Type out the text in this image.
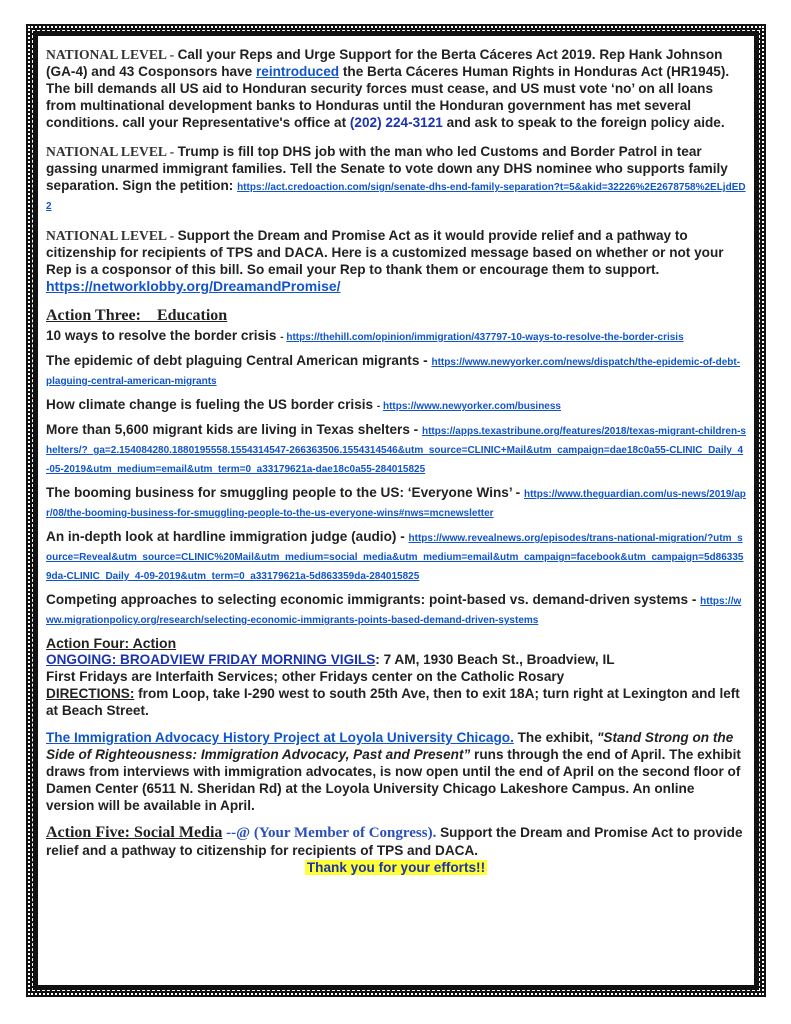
NATIONAL LEVEL - Call your Reps and Urge Support for the Berta Cáceres Act 2019. Rep Hank Johnson (GA-4) and 43 Cosponsors have reintroduced the Berta Cáceres Human Rights in Honduras Act (HR1945). The bill demands all US aid to Honduran security forces must cease, and US must vote ‘no’ on all loans from multinational development banks to Honduras until the Honduran government has met several conditions. call your Representative's office at (202) 224-3121 and ask to speak to the foreign policy aide.

NATIONAL LEVEL - Trump is fill top DHS job with the man who led Customs and Border Patrol in tear gassing unarmed immigrant families. Tell the Senate to vote down any DHS nominee who supports family separation. Sign the petition: https://act.credoaction.com/sign/senate-dhs-end-family-separation?t=5&akid=32226%2E2678758%2ELjdED2

NATIONAL LEVEL - Support the Dream and Promise Act as it would provide relief and a pathway to citizenship for recipients of TPS and DACA. Here is a customized message based on whether or not your Rep is a cosponsor of this bill. So email your Rep to thank them or encourage them to support. https://networklobby.org/DreamandPromise/

Action Three:    Education

10 ways to resolve the border crisis - https://thehill.com/opinion/immigration/437797-10-ways-to-resolve-the-border-crisis

The epidemic of debt plaguing Central American migrants - https://www.newyorker.com/news/dispatch/the-epidemic-of-debt-plaguing-central-american-migrants

How climate change is fueling the US border crisis - https://www.newyorker.com/business

More than 5,600 migrant kids are living in Texas shelters - https://apps.texastribune.org/features/2018/texas-migrant-children-shelters/?_ga=2.154084280.1880195558.1554314547-266363506.1554314546&utm_source=CLINIC+Mail&utm_campaign=dae18c0a55-CLINIC_Daily_4-05-2019&utm_medium=email&utm_term=0_a33179621a-dae18c0a55-284015825

The booming business for smuggling people to the US: ‘Everyone Wins’ - https://www.theguardian.com/us-news/2019/apr/08/the-booming-business-for-smuggling-people-to-the-us-everyone-wins#nws=mcnewsletter

An in-depth look at hardline immigration judge (audio) - https://www.revealnews.org/episodes/trans-national-migration/?utm_source=Reveal&utm_source=CLINIC%20Mail&utm_medium=social_media&utm_medium=email&utm_campaign=facebook&utm_campaign=5d863359da-CLINIC_Daily_4-09-2019&utm_term=0_a33179621a-5d863359da-284015825

Competing approaches to selecting economic immigrants: point-based vs. demand-driven systems - https://www.migrationpolicy.org/research/selecting-economic-immigrants-points-based-demand-driven-systems

Action Four: Action

ONGOING: BROADVIEW FRIDAY MORNING VIGILS: 7 AM, 1930 Beach St., Broadview, IL

First Fridays are Interfaith Services; other Fridays center on the Catholic Rosary

DIRECTIONS: from Loop, take I-290 west to south 25th Ave, then to exit 18A; turn right at Lexington and left at Beach Street.

The Immigration Advocacy History Project at Loyola University Chicago. The exhibit, "Stand Strong on the Side of Righteousness: Immigration Advocacy, Past and Present” runs through the end of April. The exhibit draws from interviews with immigration advocates, is now open until the end of April on the second floor of Damen Center (6511 N. Sheridan Rd) at the Loyola University Chicago Lakeshore Campus. An online version will be available in April.

Action Five: Social Media --@ (Your Member of Congress). Support the Dream and Promise Act to provide relief and a pathway to citizenship for recipients of TPS and DACA.

Thank you for your efforts!!
